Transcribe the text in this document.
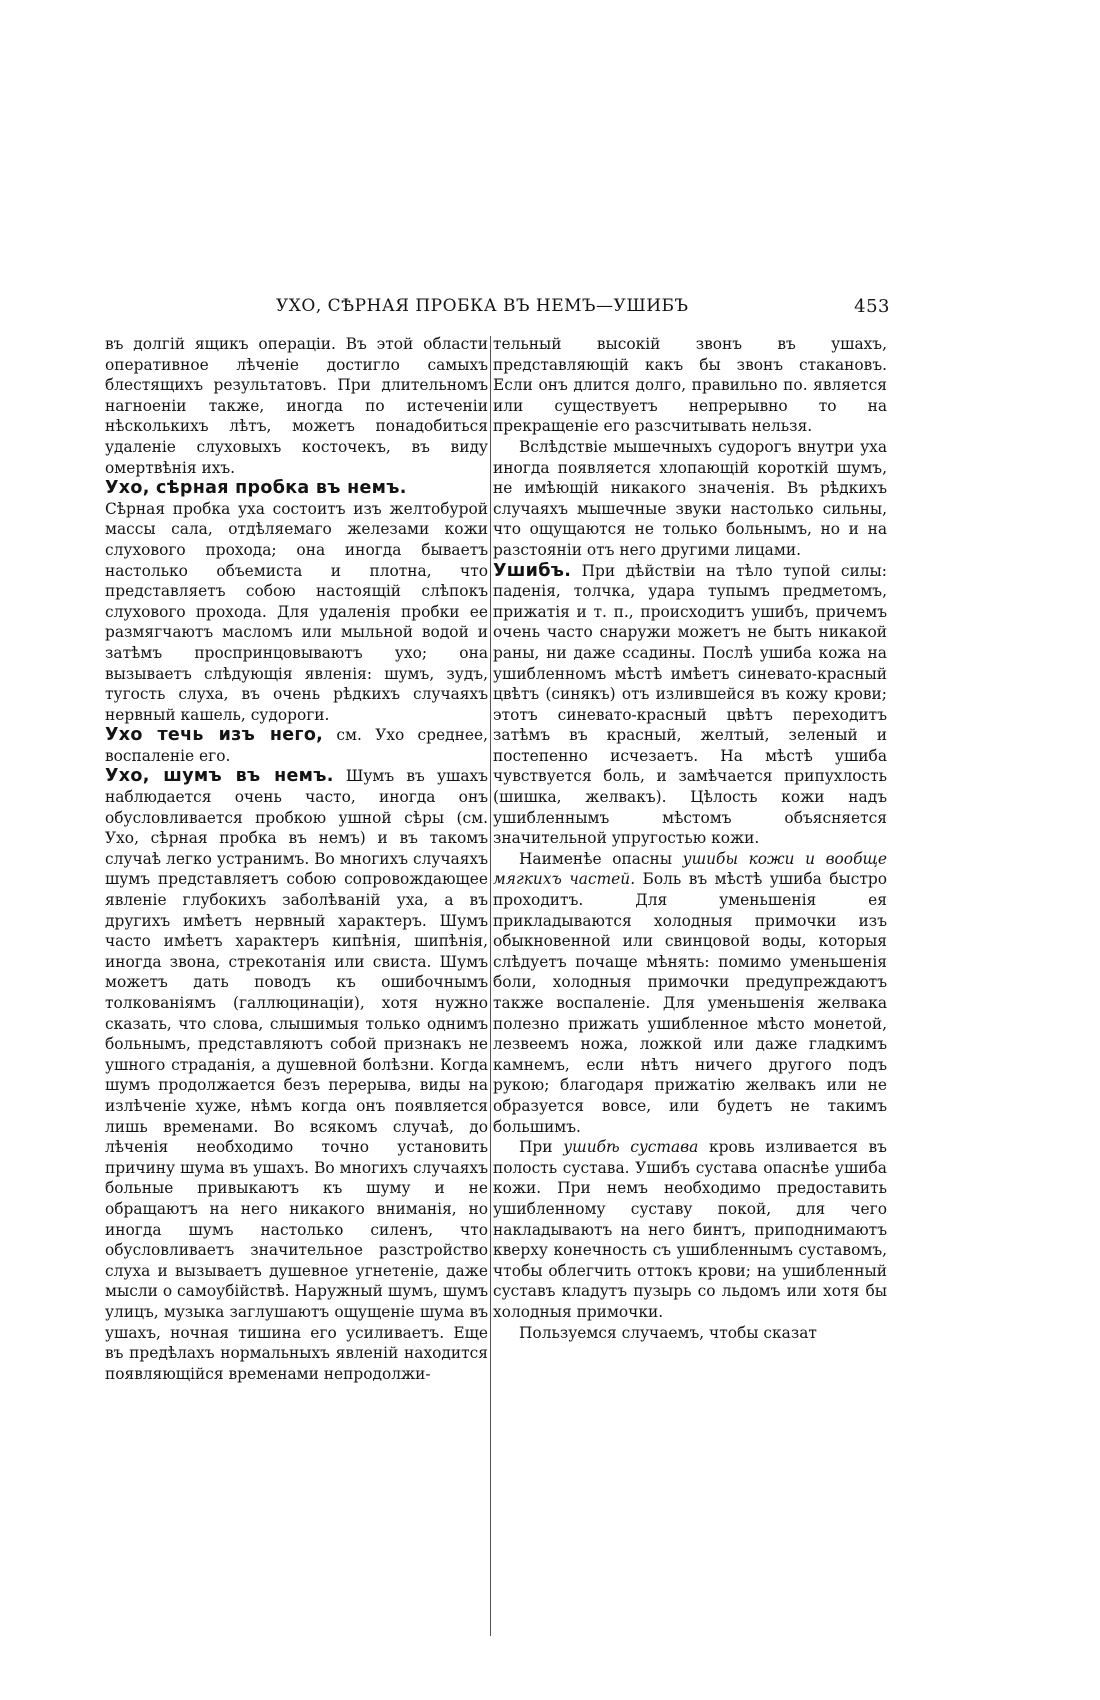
УХО, СѢРНАЯ ПРОБКА ВЪ НЕМЪ—УШИБЪ	453

въ долгій ящикъ операціи. Въ этой области оперативное лѣченіе достигло самыхъ блестящихъ результатовъ. При длительномъ нагноеніи также, иногда по истеченіи нѣсколькихъ лѣтъ, можетъ понадобиться удаленіе слуховыхъ косточекъ, въ виду омертвѣнія ихъ.

Ухо, сѣрная пробка въ немъ.

Сѣрная пробка уха состоитъ изъ желтобурой массы сала, отдѣляемаго железами кожи слухового прохода; она иногда бываетъ настолько объемиста и плотна, что представляетъ собою настоящій слѣпокъ слухового прохода. Для удаленія пробки ее размягчаютъ масломъ или мыльной водой и затѣмъ проспринцовываютъ ухо; она вызываетъ слѣдующія явленія: шумъ, зудъ, тугость слуха, въ очень рѣдкихъ случаяхъ нервный кашель, судороги.

Ухо течь изъ него, см. Ухо среднее, воспаленіе его.

Ухо, шумъ въ немъ. Шумъ въ ушахъ наблюдается очень часто, иногда онъ обусловливается пробкою ушной сѣры (см. Ухо, сѣрная пробка въ немъ) и въ такомъ случаѣ легко устранимъ. Во многихъ случаяхъ шумъ представляетъ собою сопровождающее явленіе глубокихъ заболѣваній уха, а въ другихъ имѣетъ нервный характеръ. Шумъ часто имѣетъ характеръ кипѣнія, шипѣнія, иногда звона, стрекотанія или свиста. Шумъ можетъ дать поводъ къ ошибочнымъ толкованіямъ (галлюцинаціи), хотя нужно сказать, что слова, слышимыя только однимъ больнымъ, представляютъ собой признакъ не ушного страданія, а душевной болѣзни. Когда шумъ продолжается безъ перерыва, виды на излѣченіе хуже, нѣмъ когда онъ появляется лишь временами. Во всякомъ случаѣ, до лѣченія необходимо точно установить причину шума въ ушахъ. Во многихъ случаяхъ больные привыкаютъ къ шуму и не обращаютъ на него никакого вниманія, но иногда шумъ настолько силенъ, что обусловливаетъ значительное разстройство слуха и вызываетъ душевное угнетеніе, даже мысли о самоубійствѣ. Наружный шумъ, шумъ улицъ, музыка заглушаютъ ощущеніе шума въ ушахъ, ночная тишина его усиливаетъ. Еще въ предѣлахъ нормальныхъ явленій находится появляющійся временами непродолжи-

тельный высокій звонъ въ ушахъ, представляющій какъ бы звонъ стакановъ. Если онъ длится долго, правильно по. является или существуетъ непрерывно то на прекращеніе его разсчитывать нельзя.

Вслѣдствіе мышечныхъ судорогъ внутри уха иногда появляется хлопающій короткій шумъ, не имѣющій никакого значенія. Въ рѣдкихъ случаяхъ мышечные звуки настолько сильны, что ощущаются не только больнымъ, но и на разстояніи отъ него другими лицами.

Ушибъ. При дѣйствіи на тѣло тупой силы: паденія, толчка, удара тупымъ предметомъ, прижатія и т. п., происходитъ ушибъ, причемъ очень часто снаружи можетъ не быть никакой раны, ни даже ссадины. Послѣ ушиба кожа на ушибленномъ мѣстѣ имѣетъ синевато-красный цвѣтъ (синякъ) отъ излившейся въ кожу крови; этотъ синевато-красный цвѣтъ переходитъ затѣмъ въ красный, желтый, зеленый и постепенно исчезаетъ. На мѣстѣ ушиба чувствуется боль, и замѣчается припухлость (шишка, желвакъ). Цѣлость кожи надъ ушибленнымъ мѣстомъ объясняется значительной упругостью кожи.

Наименѣе опасны ушибы кожи и вообще мягкихъ частей. Боль въ мѣстѣ ушиба быстро проходитъ. Для уменьшенія ея прикладываются холодныя примочки изъ обыкновенной или свинцовой воды, которыя слѣдуетъ почаще мѣнять: помимо уменьшенія боли, холодныя примочки предупреждаютъ также воспаленіе. Для уменьшенія желвака полезно прижать ушибленное мѣсто монетой, лезвеемъ ножа, ложкой или даже гладкимъ камнемъ, если нѣтъ ничего другого подъ рукою; благодаря прижатію желвакъ или не образуется вовсе, или будетъ не такимъ большимъ.

При ушибѣ сустава кровь изливается въ полость сустава. Ушибъ сустава опаснѣе ушиба кожи. При немъ необходимо предоставить ушибленному суставу покой, для чего накладываютъ на него бинтъ, приподнимаютъ кверху конечность съ ушибленнымъ суставомъ, чтобы облегчить оттокъ крови; на ушибленный суставъ кладутъ пузырь со льдомъ или хотя бы холодныя примочки.

Пользуемся случаемъ, чтобы сказат
